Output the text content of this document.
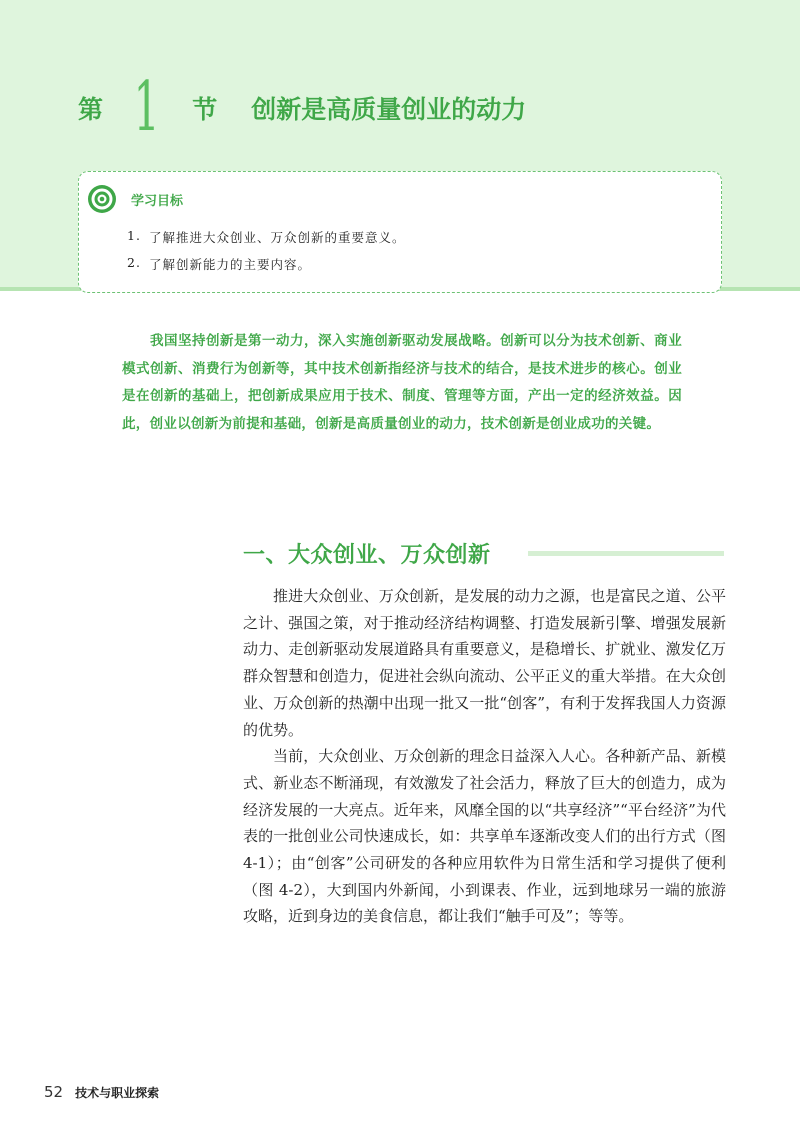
第 1 节 创新是高质量创业的动力
学习目标
1. 了解推进大众创业、万众创新的重要意义。
2. 了解创新能力的主要内容。
我国坚持创新是第一动力，深入实施创新驱动发展战略。创新可以分为技术创新、商业模式创新、消费行为创新等，其中技术创新指经济与技术的结合，是技术进步的核心。创业是在创新的基础上，把创新成果应用于技术、制度、管理等方面，产出一定的经济效益。因此，创业以创新为前提和基础，创新是高质量创业的动力，技术创新是创业成功的关键。
一、大众创业、万众创新

推进大众创业、万众创新，是发展的动力之源，也是富民之道、公平之计、强国之策，对于推动经济结构调整、打造发展新引擎、增强发展新动力、走创新驱动发展道路具有重要意义，是稳增长、扩就业、激发亿万群众智慧和创造力，促进社会纵向流动、公平正义的重大举措。在大众创业、万众创新的热潮中出现一批又一批“创客”，有利于发挥我国人力资源的优势。

当前，大众创业、万众创新的理念日益深入人心。各种新产品、新模式、新业态不断涌现，有效激发了社会活力，释放了巨大的创造力，成为经济发展的一大亮点。近年来，风靡全国的以“共享经济”“平台经济”为代表的一批创业公司快速成长，如：共享单车逐渐改变人们的出行方式（图 4-1）；由“创客”公司研发的各种应用软件为日常生活和学习提供了便利（图 4-2），大到国内外新闻，小到课表、作业，远到地球另一端的旅游攻略，近到身边的美食信息，都让我们“触手可及”；等等。

52 技术与职业探索
